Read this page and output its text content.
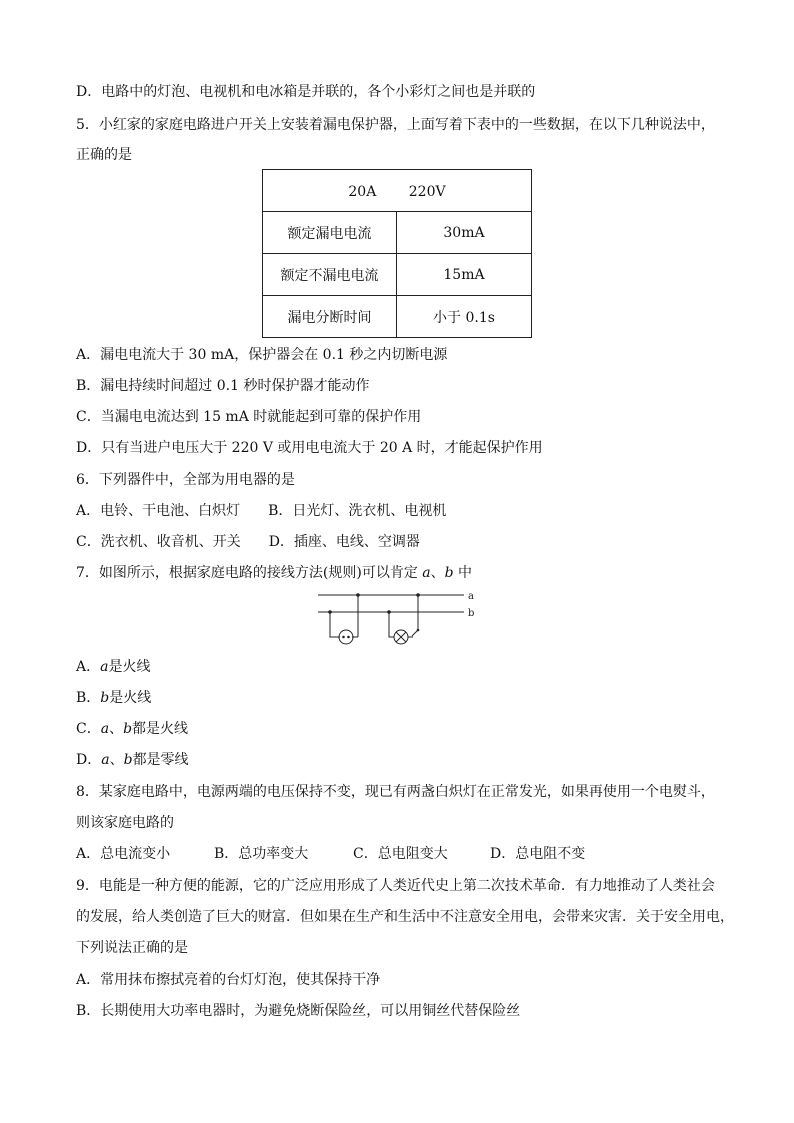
D．电路中的灯泡、电视机和电冰箱是并联的，各个小彩灯之间也是并联的
5．小红家的家庭电路进户开关上安装着漏电保护器，上面写着下表中的一些数据，在以下几种说法中，
正确的是
20A　　 220V	
额定漏电电流	30mA
额定不漏电电流	15mA
漏电分断时间	小于 0.1s
A．漏电电流大于 30 mA，保护器会在 0.1 秒之内切断电源
B．漏电持续时间超过 0.1 秒时保护器才能动作
C．当漏电电流达到 15 mA 时就能起到可靠的保护作用
D．只有当进户电压大于 220 V 或用电电流大于 20 A 时，才能起保护作用
6．下列器件中，全部为用电器的是
A．电铃、干电池、白炽灯　　B．日光灯、洗衣机、电视机
C．洗衣机、收音机、开关　　D．插座、电线、空调器
7．如图所示，根据家庭电路的接线方法(规则)可以肯定 a、b 中
a
b
A．a是火线
B．b是火线
C．a、b都是火线
D．a、b都是零线
8．某家庭电路中，电源两端的电压保持不变，现已有两盏白炽灯在正常发光，如果再使用一个电熨斗，
则该家庭电路的
A．总电流变小	B．总功率变大	C．总电阻变大	D．总电阻不变
9．电能是一种方便的能源，它的广泛应用形成了人类近代史上第二次技术革命．有力地推动了人类社会
的发展，给人类创造了巨大的财富．但如果在生产和生活中不注意安全用电，会带来灾害．关于安全用电，
下列说法正确的是
A．常用抹布擦拭亮着的台灯灯泡，使其保持干净
B．长期使用大功率电器时，为避免烧断保险丝，可以用铜丝代替保险丝
